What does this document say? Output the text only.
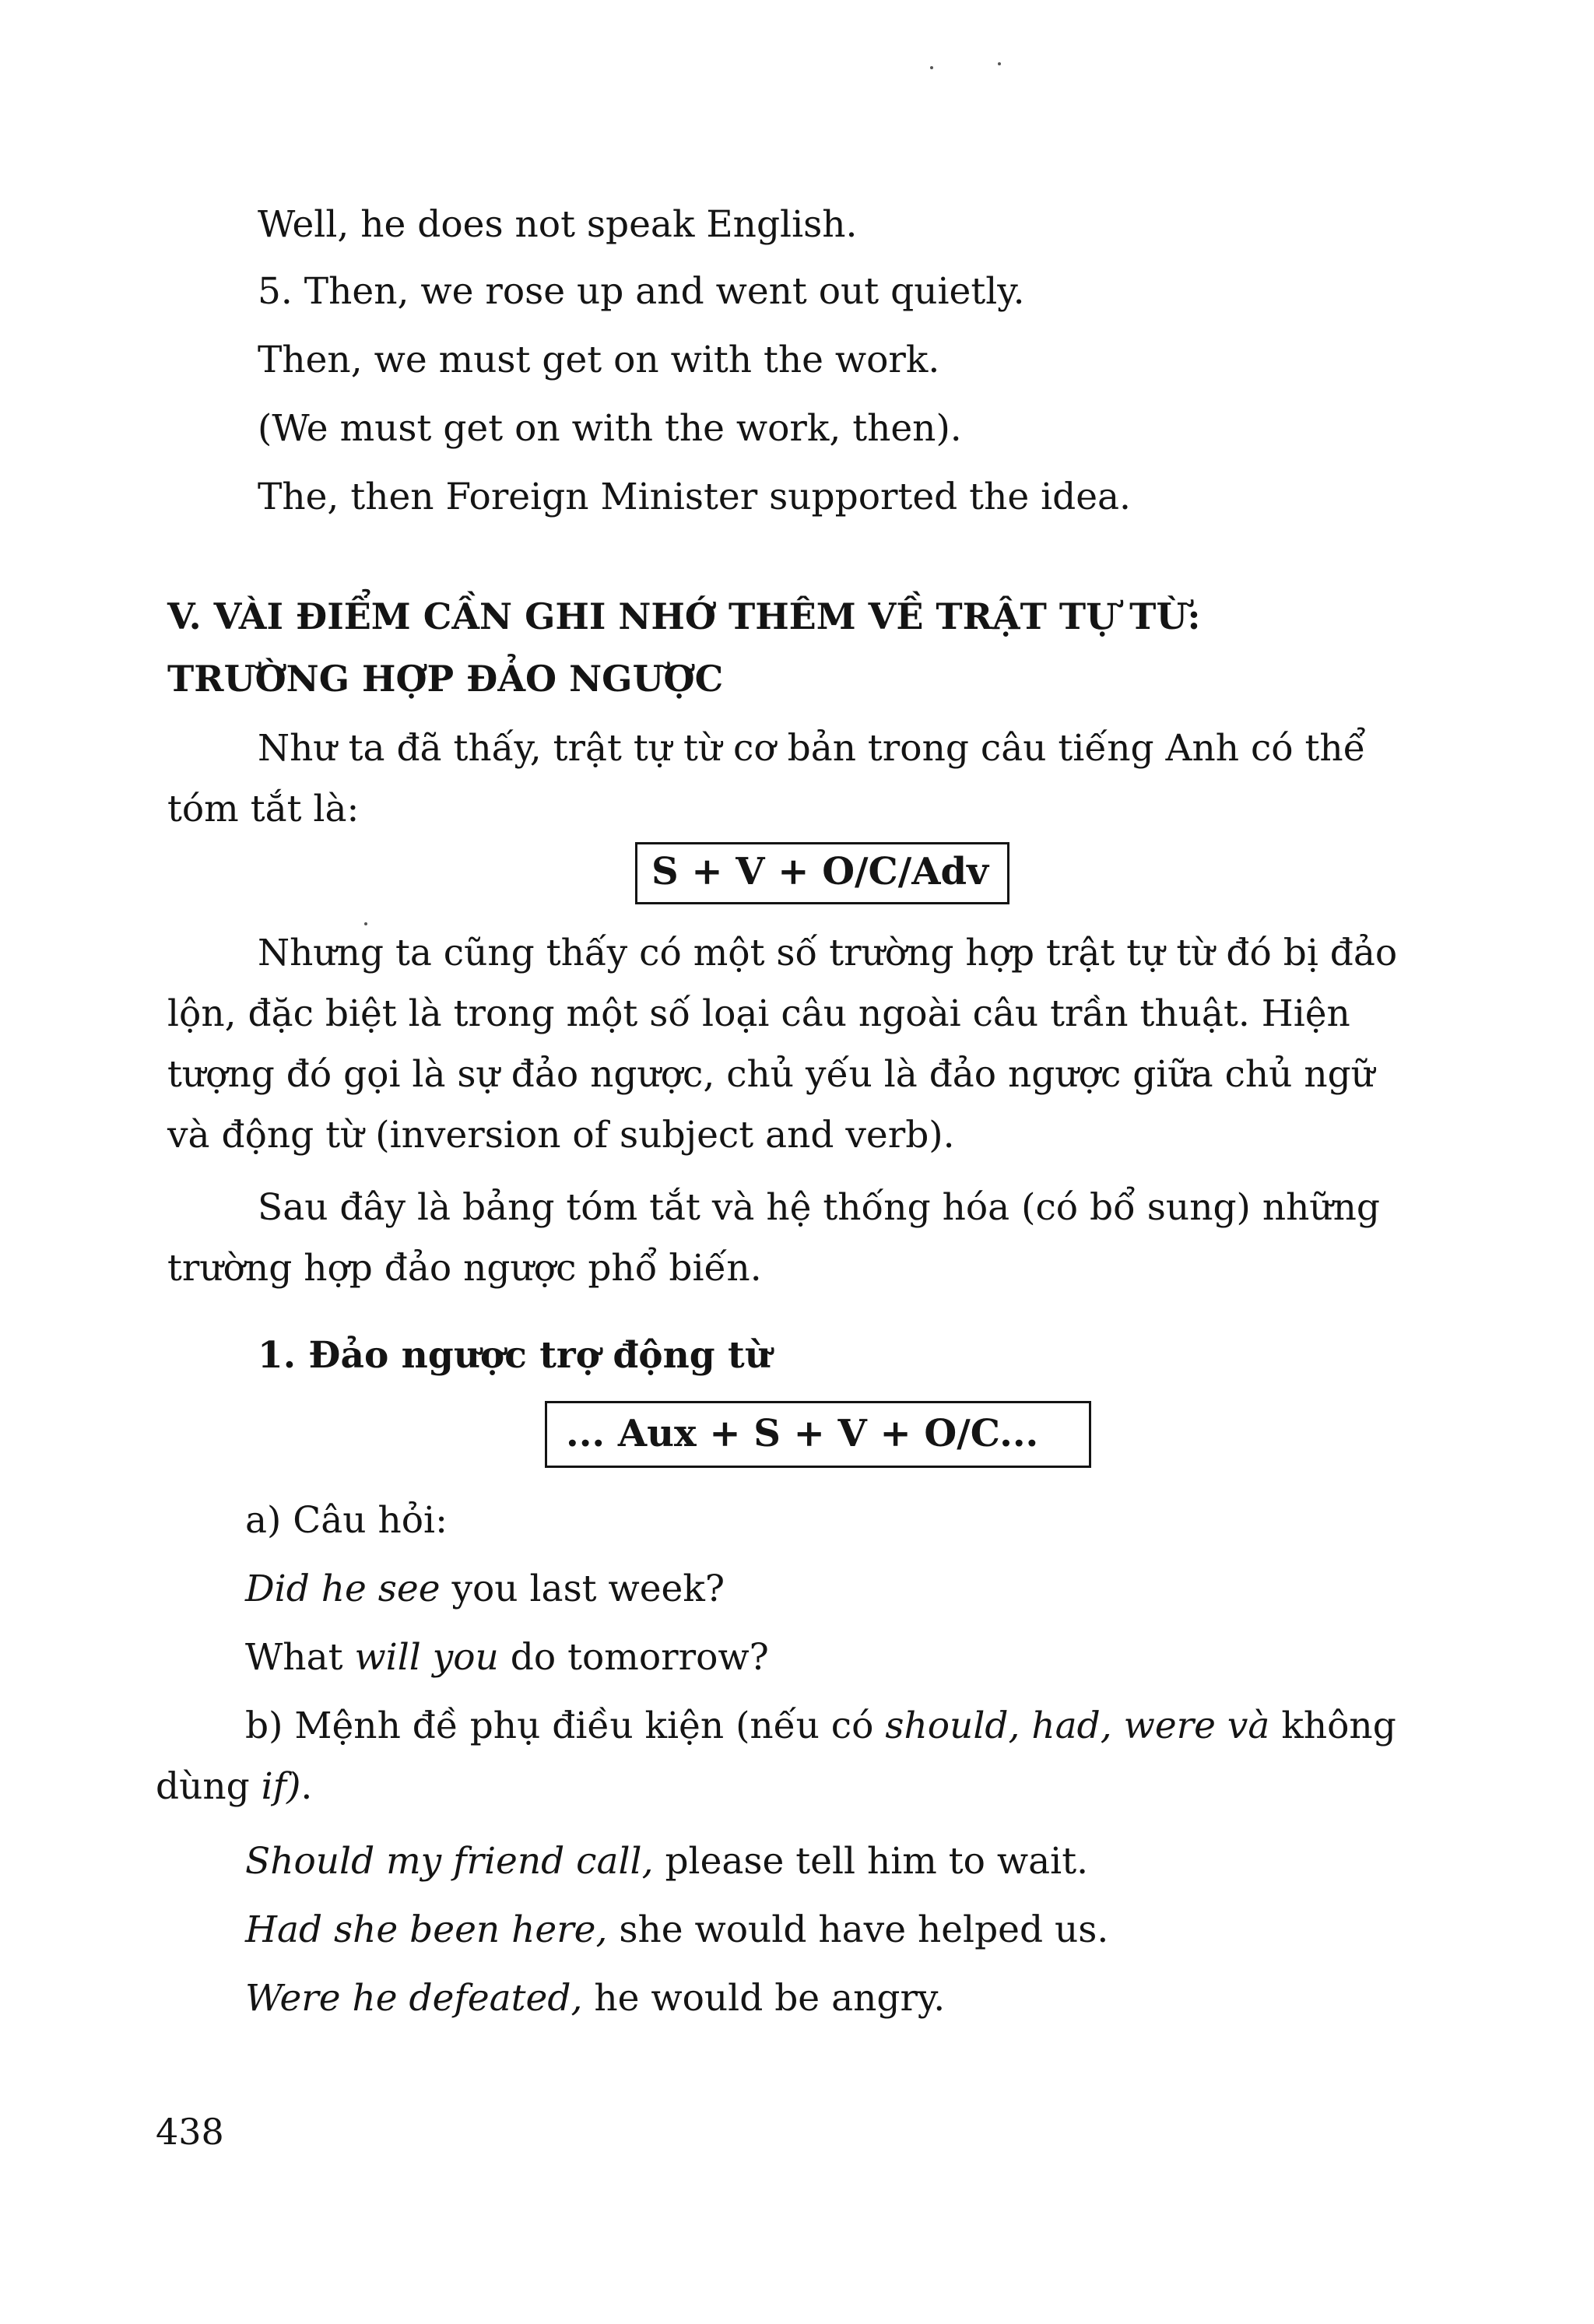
Well, he does not speak English.
5. Then, we rose up and went out quietly.
Then, we must get on with the work.
(We must get on with the work, then).
The, then Foreign Minister supported the idea.
V. VÀI ĐIỂM CẦN GHI NHỚ THÊM VỀ TRẬT TỰ TỪ:
TRƯỜNG HỢP ĐẢO NGƯỢC
Như ta đã thấy, trật tự từ cơ bản trong câu tiếng Anh có thể
tóm tắt là:
S + V + O/C/Adv
Nhưng ta cũng thấy có một số trường hợp trật tự từ đó bị đảo
lộn, đặc biệt là trong một số loại câu ngoài câu trần thuật. Hiện
tượng đó gọi là sự đảo ngược, chủ yếu là đảo ngược giữa chủ ngữ
và động từ (inversion of subject and verb).
Sau đây là bảng tóm tắt và hệ thống hóa (có bổ sung) những
trường hợp đảo ngược phổ biến.
1. Đảo ngược trợ động từ
... Aux + S + V + O/C...
a) Câu hỏi:
Did he see you last week?
What will you do tomorrow?
b) Mệnh đề phụ điều kiện (nếu có should, had, were và không
dùng if).
Should my friend call, please tell him to wait.
Had she been here, she would have helped us.
Were he defeated, he would be angry.
438
